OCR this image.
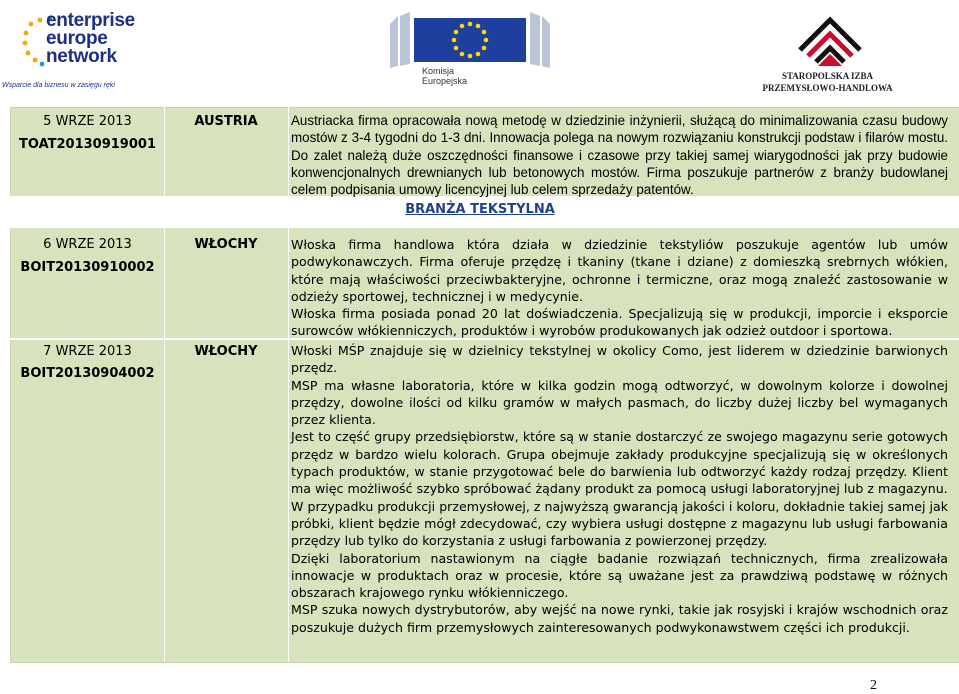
enterprise
europe
network
Wsparcie dla biznesu w zasięgu ręki
Komisja
Europejska	STAROPOLSKA IZBA
PRZEMYSŁOWO-HANDLOWA
BRANŻA TEKSTYLNA
5 WRZE 2013
TOAT20130919001
AUSTRIA	Austriacka firma opracowała nową metodę w dziedzinie inżynierii, służącą do minimalizowania czasu budowy mostów z 3-4 tygodni do 1-3 dni. Innowacja polega na nowym rozwiązaniu konstrukcji podstaw i filarów mostu. Do zalet należą duże oszczędności finansowe i czasowe przy takiej samej wiarygodności jak przy budowie konwencjonalnych drewnianych lub betonowych mostów. Firma poszukuje partnerów z branży budowlanej celem podpisania umowy licencyjnej lub celem sprzedaży patentów.

6 WRZE 2013
BOIT20130910002
WŁOCHY	Włoska firma handlowa która działa w dziedzinie tekstyliów poszukuje agentów lub umów podwykonawczych. Firma oferuje przędzę i tkaniny (tkane i dziane) z domieszką srebrnych włókien, które mają właściwości przeciwbakteryjne, ochronne i termiczne, oraz mogą znaleźć zastosowanie w odzieży sportowej, technicznej i w medycynie.

Włoska firma posiada ponad 20 lat doświadczenia. Specjalizują się w produkcji, imporcie i eksporcie surowców włókienniczych, produktów i wyrobów produkowanych jak odzież outdoor i sportowa.

7 WRZE 2013
BOIT20130904002
WŁOCHY	Włoski MŚP znajduje się w dzielnicy tekstylnej w okolicy Como, jest liderem w dziedzinie barwionych przędz.

MSP ma własne laboratoria, które w kilka godzin mogą odtworzyć, w dowolnym kolorze i dowolnej przędzy, dowolne ilości od kilku gramów w małych pasmach, do liczby dużej liczby bel wymaganych przez klienta.

Jest to część grupy przedsiębiorstw, które są w stanie dostarczyć ze swojego magazynu serie gotowych przędz w bardzo wielu kolorach. Grupa obejmuje zakłady produkcyjne specjalizują się w określonych typach produktów, w stanie przygotować bele do barwienia lub odtworzyć każdy rodzaj przędzy. Klient ma więc możliwość szybko spróbować żądany produkt za pomocą usługi laboratoryjnej lub z magazynu.

W przypadku produkcji przemysłowej, z najwyższą gwarancją jakości i koloru, dokładnie takiej samej jak próbki, klient będzie mógł zdecydować, czy wybiera usługi dostępne z magazynu lub usługi farbowania przędzy lub tylko do korzystania z usługi farbowania z powierzonej przędzy.

Dzięki laboratorium nastawionym na ciągłe badanie rozwiązań technicznych, firma zrealizowała innowacje w produktach oraz w procesie, które są uważane jest za prawdziwą podstawę w różnych obszarach krajowego rynku włókienniczego.

MSP szuka nowych dystrybutorów, aby wejść na nowe rynki, takie jak rosyjski i krajów wschodnich oraz poszukuje dużych firm przemysłowych zainteresowanych podwykonawstwem części ich produkcji.

2
